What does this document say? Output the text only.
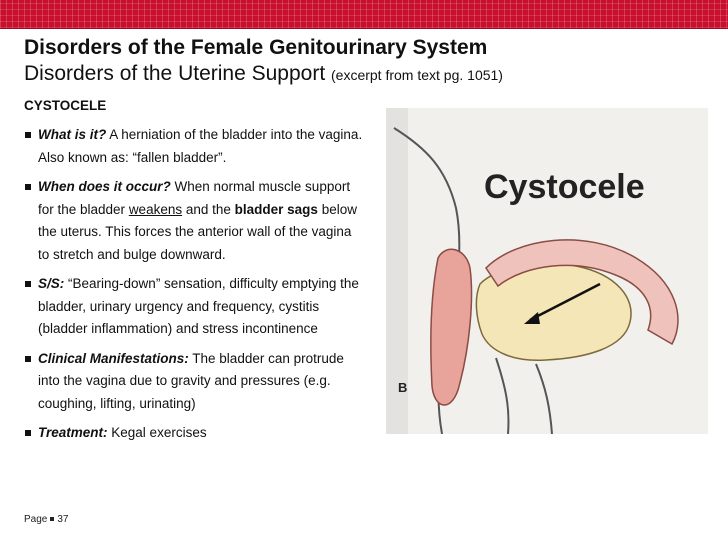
Disorders of the Female Genitourinary System
Disorders of the Uterine Support (excerpt from text pg. 1051)
CYSTOCELE
What is it? A herniation of the bladder into the vagina. Also known as: “fallen bladder”.
When does it occur? When normal muscle support for the bladder weakens and the bladder sags below the uterus. This forces the anterior wall of the vagina to stretch and bulge downward.
S/S: “Bearing-down” sensation, difficulty emptying the bladder, urinary urgency and frequency, cystitis (bladder inflammation) and stress incontinence
Clinical Manifestations: The bladder can protrude into the vagina due to gravity and pressures (e.g. coughing, lifting, urinating)
Treatment: Kegal exercises
Cystocele
B
Page 37
